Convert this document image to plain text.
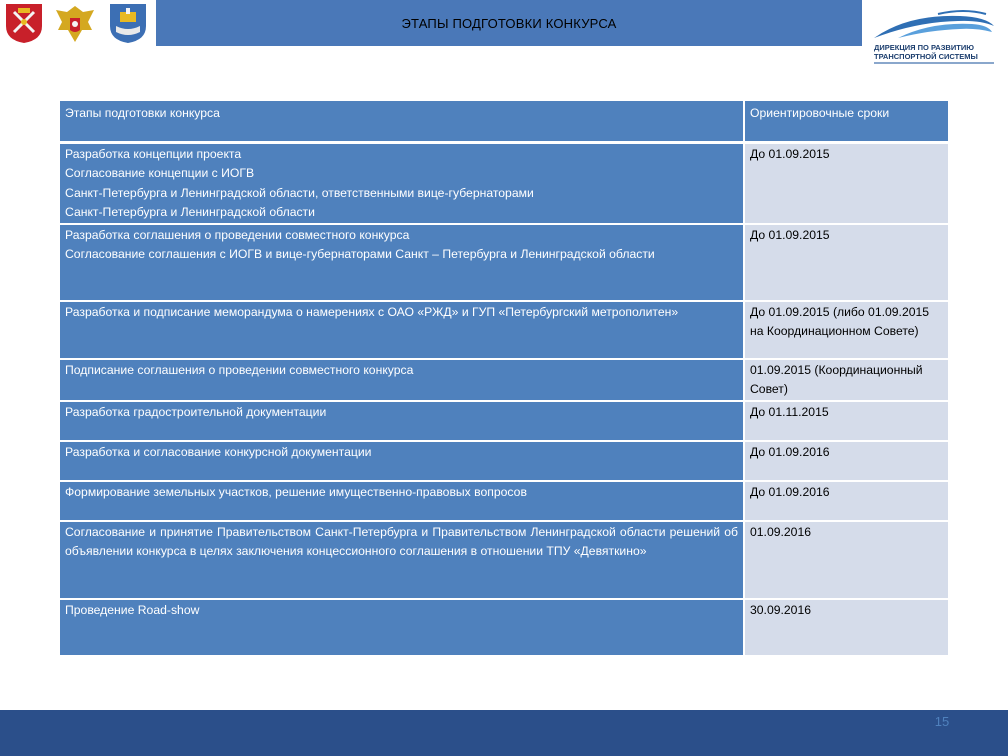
ЭТАПЫ ПОДГОТОВКИ КОНКУРСА
ДИРЕКЦИЯ ПО РАЗВИТИЮ
ТРАНСПОРТНОЙ СИСТЕМЫ
Этапы подготовки конкурса	Ориентировочные сроки
Разработка концепции проекта
Согласование концепции с ИОГВ
Санкт-Петербурга и Ленинградской области, ответственными вице-губернаторами
Санкт-Петербурга и Ленинградской области	До 01.09.2015
Разработка соглашения о проведении совместного конкурса
Согласование соглашения с ИОГВ и вице-губернаторами Санкт – Петербурга и Ленинградской области	До 01.09.2015
Разработка и подписание меморандума о намерениях с ОАО «РЖД» и ГУП «Петербургский метрополитен»	До 01.09.2015 (либо 01.09.2015 на Координационном Совете)
Подписание соглашения о проведении совместного конкурса	01.09.2015 (Координационный Совет)
Разработка градостроительной документации	До 01.11.2015
Разработка и согласование конкурсной документации	До 01.09.2016
Формирование земельных участков, решение имущественно-правовых вопросов	До 01.09.2016
Согласование и принятие Правительством Санкт-Петербурга и Правительством Ленинградской области решений об объявлении конкурса в целях заключения концессионного соглашения в отношении ТПУ «Девяткино»	01.09.2016
Проведение Road-show	30.09.2016
15
